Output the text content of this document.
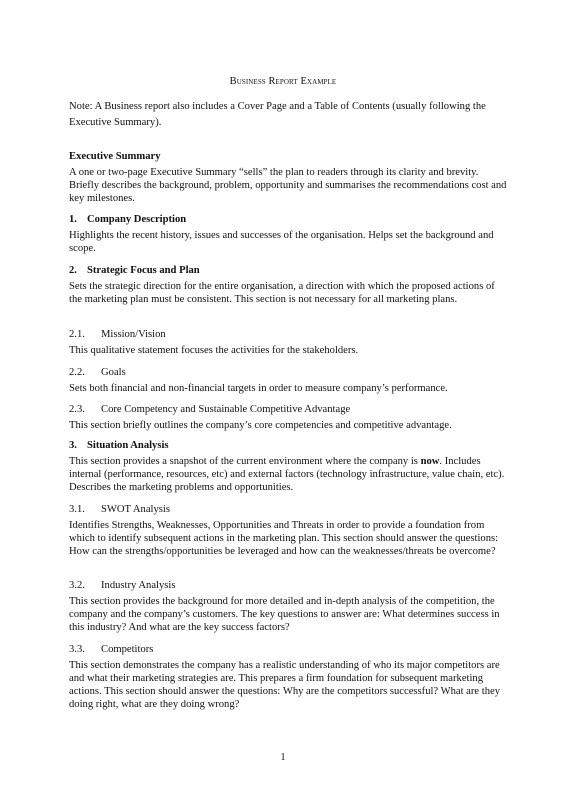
Business Report Example
Note: A Business report also includes a Cover Page and a Table of Contents (usually following the Executive Summary).
Executive Summary

A one or two-page Executive Summary “sells” the plan to readers through its clarity and brevity. Briefly describes the background, problem, opportunity and summarises the recommendations cost and key milestones.

1. Company Description

Highlights the recent history, issues and successes of the organisation. Helps set the background and scope.

2. Strategic Focus and Plan

Sets the strategic direction for the entire organisation, a direction with which the proposed actions of the marketing plan must be consistent. This section is not necessary for all marketing plans.

2.1. Mission/Vision

This qualitative statement focuses the activities for the stakeholders.

2.2. Goals

Sets both financial and non-financial targets in order to measure company’s performance.

2.3. Core Competency and Sustainable Competitive Advantage

This section briefly outlines the company’s core competencies and competitive advantage.

3. Situation Analysis

This section provides a snapshot of the current environment where the company is now. Includes internal (performance, resources, etc) and external factors (technology infrastructure, value chain, etc). Describes the marketing problems and opportunities.

3.1. SWOT Analysis

Identifies Strengths, Weaknesses, Opportunities and Threats in order to provide a foundation from which to identify subsequent actions in the marketing plan. This section should answer the questions: How can the strengths/opportunities be leveraged and how can the weaknesses/threats be overcome?

3.2. Industry Analysis

This section provides the background for more detailed and in-depth analysis of the competition, the company and the company’s customers. The key questions to answer are: What determines success in this industry? And what are the key success factors?

3.3. Competitors

This section demonstrates the company has a realistic understanding of who its major competitors are and what their marketing strategies are. This prepares a firm foundation for subsequent marketing actions. This section should answer the questions: Why are the competitors successful? What are they doing right, what are they doing wrong?

1
